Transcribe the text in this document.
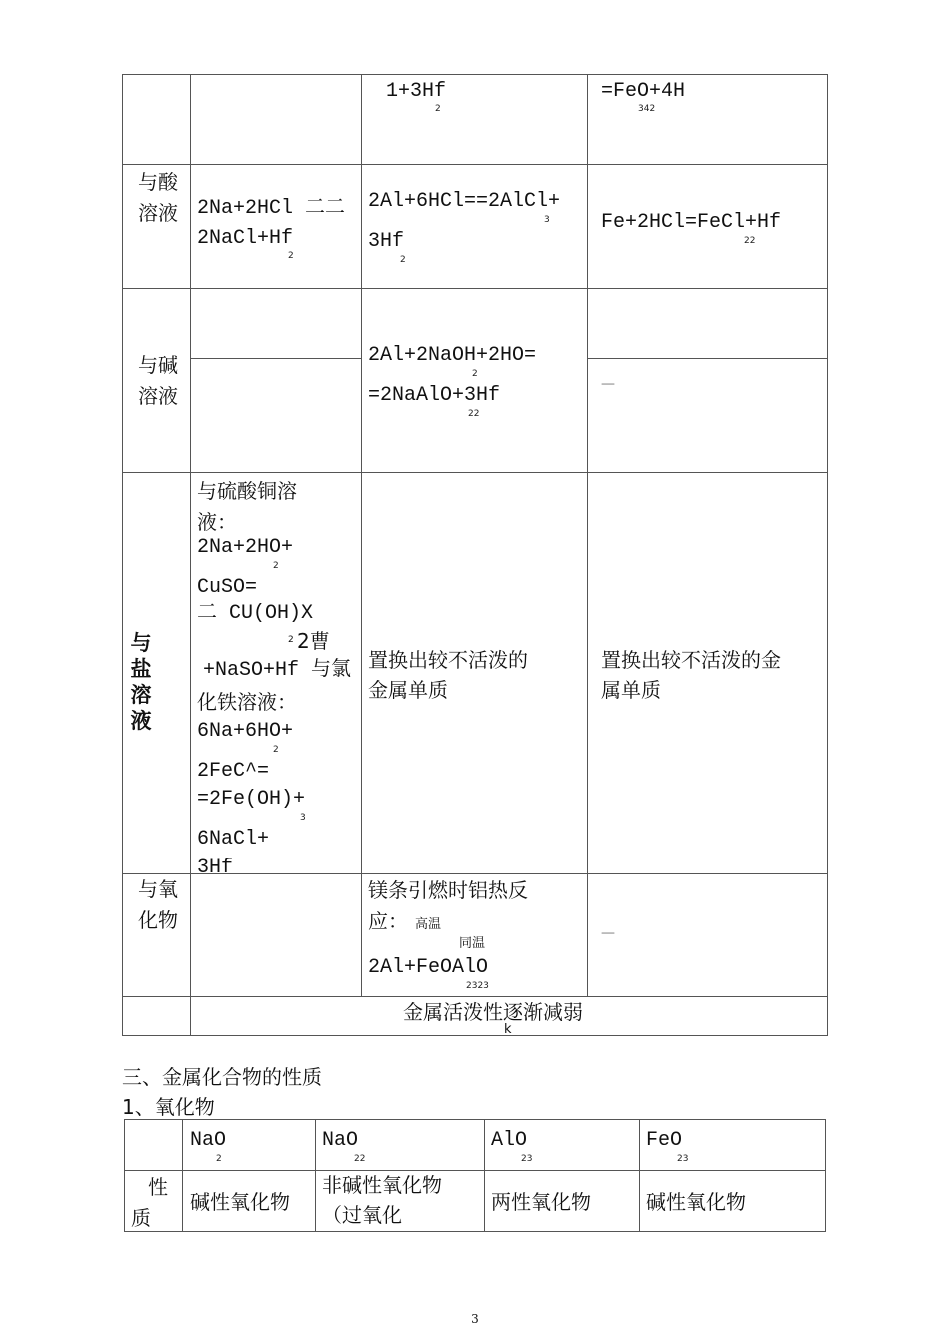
1+3Hf
2
=FeO+4H
342
与酸
溶液 2Na+2HCl 二二
2NaCl+Hf
2
2Al+6HCl==2AlCl+
3
3Hf
2
Fe+2HCl=FeCl+Hf
22
与碱
溶液
2Al+2NaOH+2HO=
2
=2NaAlO+3Hf
22
—
与
盐
溶
液
与硫酸铜溶
液：
2Na+2HO+
2
CuSO=
二 CU(OH)X
2 2曹
+NaSO+Hf 与氯
化铁溶液：
6Na+6HO+
2
2FeC^=
=2Fe(OH)+
3
6NaCl+
3Hf
置换出较不活泼的
金属单质
置换出较不活泼的金
属单质
与氧
化物
镁条引燃时铝热反
应： 高温
同温
2Al+FeOAlO
2323
—
金属活泼性逐渐减弱
k
三、金属化合物的性质
1、氧化物
NaO
2
NaO
22
AlO
23
FeO
23
性
质
碱性氧化物
非碱性氧化物
（过氧化
两性氧化物	碱性氧化物
3
